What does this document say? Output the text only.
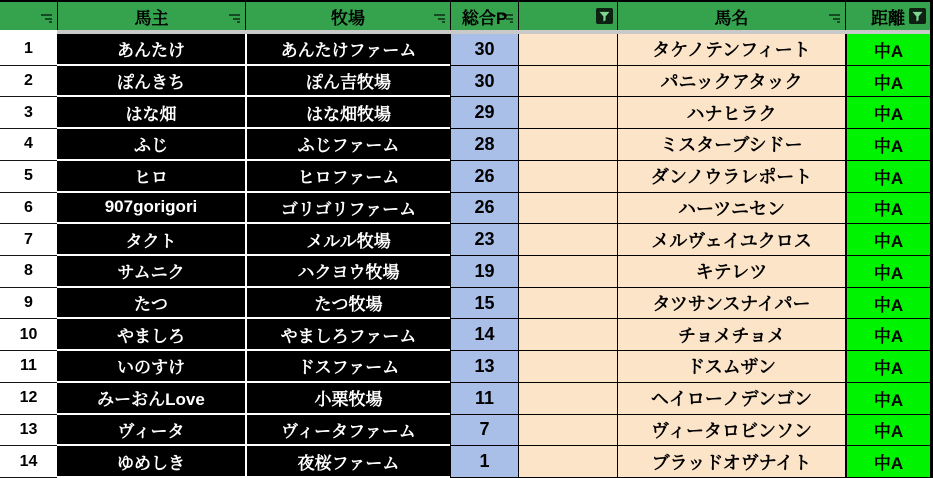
馬主	牧場	総合P	馬名	距離
1	あんたけ	あんたけファーム	30	タケノテンフィート	中A
2	ぽんきち	ぽん吉牧場	30	パニックアタック	中A
3	はな畑	はな畑牧場	29	ハナヒラク	中A
4	ふじ	ふじファーム	28	ミスターブシドー	中A
5	ヒロ	ヒロファーム	26	ダンノウラレポート	中A
6	907gorigori	ゴリゴリファーム	26	ハーツニセン	中A
7	タクト	メルル牧場	23	メルヴェイユクロス	中A
8	サムニク	ハクヨウ牧場	19	キテレツ	中A
9	たつ	たつ牧場	15	タツサンスナイパー	中A
10	やましろ	やましろファーム	14	チョメチョメ	中A
11	いのすけ	ドスファーム	13	ドスムザン	中A
12	みーおんLove	小栗牧場	11	ヘイローノデンゴン	中A
13	ヴィータ	ヴィータファーム	7	ヴィータロビンソン	中A
14	ゆめしき	夜桜ファーム	1	ブラッドオヴナイト	中A
